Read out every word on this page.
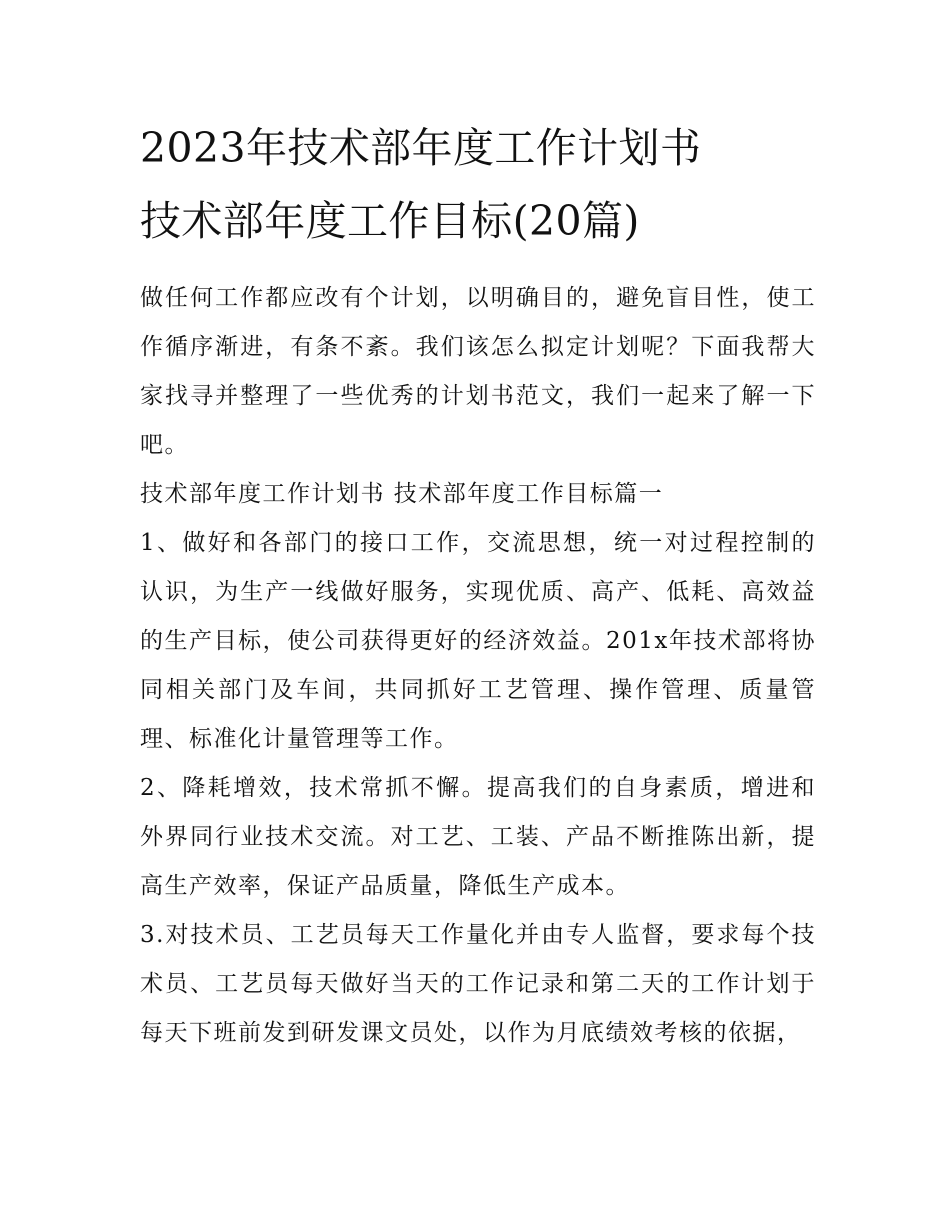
2023年技术部年度工作计划书
技术部年度工作目标(20篇)

做任何工作都应改有个计划，以明确目的，避免盲目性，使工作循序渐进，有条不紊。我们该怎么拟定计划呢？下面我帮大家找寻并整理了一些优秀的计划书范文，我们一起来了解一下吧。

技术部年度工作计划书 技术部年度工作目标篇一

1、做好和各部门的接口工作，交流思想，统一对过程控制的认识，为生产一线做好服务，实现优质、高产、低耗、高效益的生产目标，使公司获得更好的经济效益。201x年技术部将协同相关部门及车间，共同抓好工艺管理、操作管理、质量管理、标准化计量管理等工作。

2、降耗增效，技术常抓不懈。提高我们的自身素质，增进和外界同行业技术交流。对工艺、工装、产品不断推陈出新，提高生产效率，保证产品质量，降低生产成本。

3.对技术员、工艺员每天工作量化并由专人监督，要求每个技术员、工艺员每天做好当天的工作记录和第二天的工作计划于每天下班前发到研发课文员处，以作为月底绩效考核的依据，
